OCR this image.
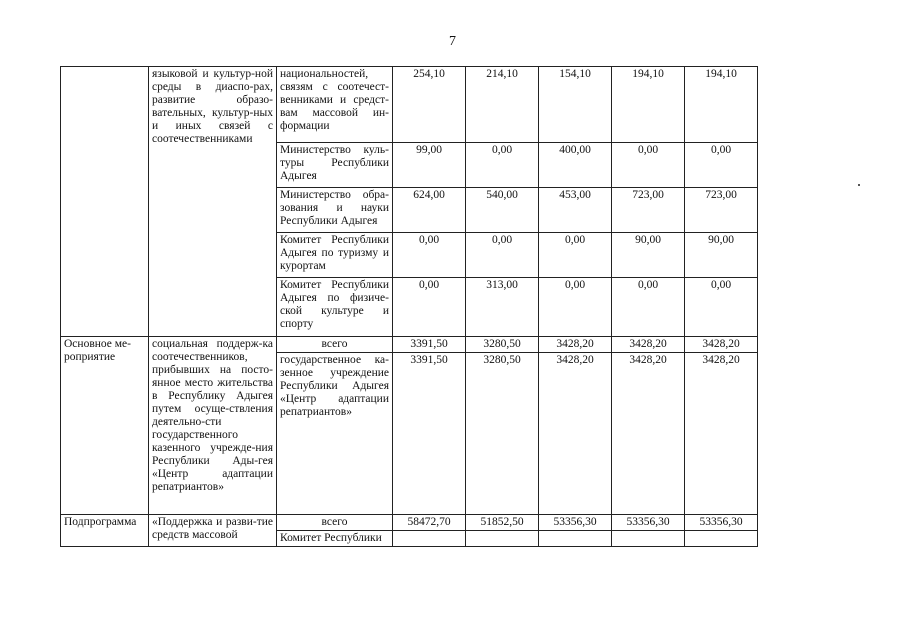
7
	языковой и культур-ной среды в диаспо-рах, развитие образо-вательных, культур-ных и иных связей с соотечественниками	национальностей, связям с соотечест-венниками и средст-вам массовой ин-формации	254,10	214,10	154,10	194,10	194,10
		Министерство куль-туры Республики Адыгея	99,00	0,00	400,00	0,00	0,00
		Министерство обра-зования и науки Республики Адыгея	624,00	540,00	453,00	723,00	723,00
		Комитет Республики Адыгея по туризму и курортам	0,00	0,00	0,00	90,00	90,00
		Комитет Республики Адыгея по физиче-ской культуре и спорту	0,00	313,00	0,00	0,00	0,00
Основное ме-роприятие	социальная поддерж-ка соотечественников, прибывших на посто-янное место жительства в Республику Адыгея путем осуще-ствления деятельно-сти государственного казенного учрежде-ния Республики Ады-гея «Центр адаптации репатриантов»	всего	3391,50	3280,50	3428,20	3428,20	3428,20
		государственное ка-зенное учреждение Республики Адыгея «Центр адаптации репатриантов»	3391,50	3280,50	3428,20	3428,20	3428,20
Подпрограмма	«Поддержка и разви-тие средств массовой	всего	58472,70	51852,50	53356,30	53356,30	53356,30
		Комитет Республики					
